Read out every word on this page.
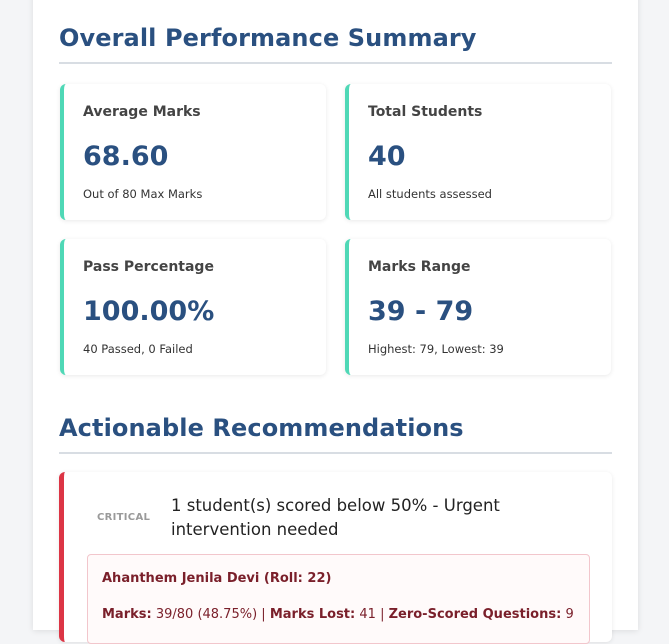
Overall Performance Summary
Average Marks
68.60
Out of 80 Max Marks
Total Students
40
All students assessed
Pass Percentage
100.00%
40 Passed, 0 Failed
Marks Range
39 - 79
Highest: 79, Lowest: 39
Actionable Recommendations
CRITICAL
1 student(s) scored below 50% - Urgent intervention needed
Ahanthem Jenila Devi (Roll: 22)
Marks: 39/80 (48.75%) | Marks Lost: 41 | Zero-Scored Questions: 9
